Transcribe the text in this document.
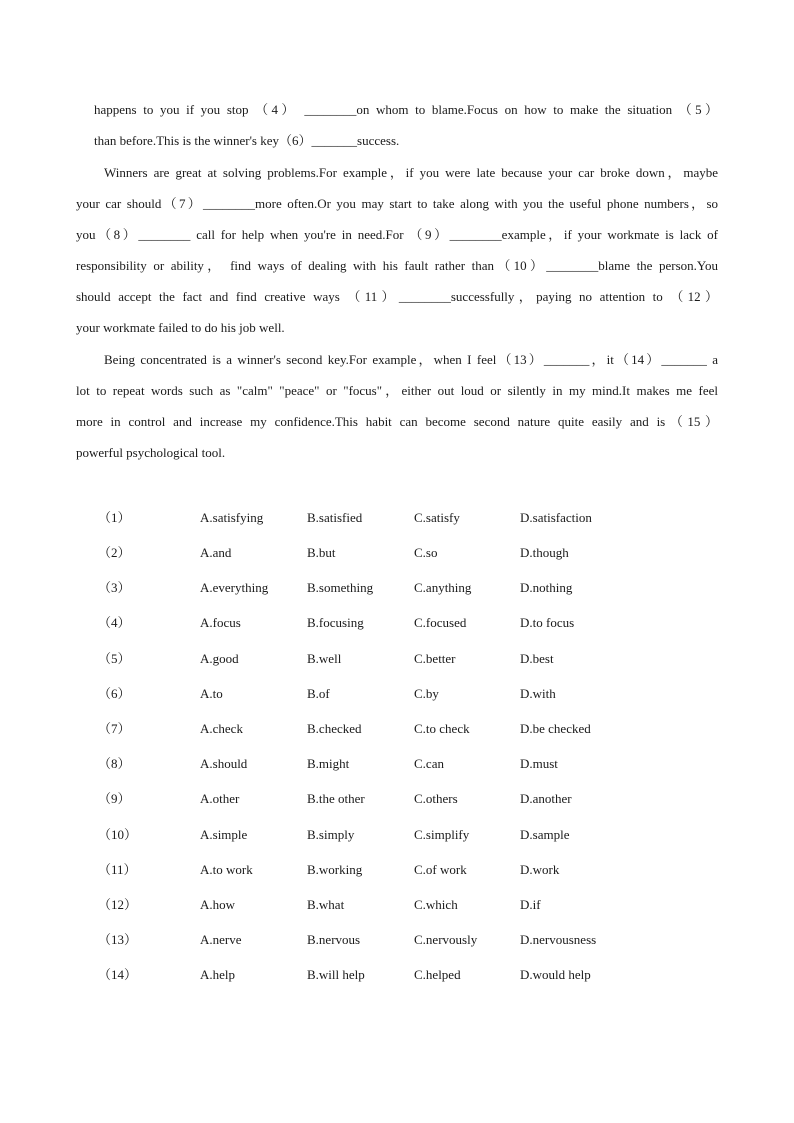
happens to you if you stop （4） ________on whom to blame.Focus on how to make the situation （5）
than before.This is the winner's key（6）_______success.
Winners are great at solving problems.For example，if you were late because your car broke down，maybe
your car should（7）________more often.Or you may start to take along with you the useful phone numbers，so
you（8）________ call for help when you're in need.For （9）________example，if your workmate is lack of
responsibility or ability， find ways of dealing with his fault rather than（10）________blame the person.You
should accept the fact and find creative ways （11）________successfully，paying no attention to （12）
your workmate failed to do his job well.
Being concentrated is a winner's second key.For example，when I feel（13）_______，it（14）_______ a
lot to repeat words such as "calm" "peace" or "focus"，either out loud or silently in my mind.It makes me feel
more in control and increase my confidence.This habit can become second nature quite easily and is（15）
powerful psychological tool.
（1）	A.satisfying	B.satisfied	C.satisfy	D.satisfaction
（2）	A.and	B.but	C.so	D.though
（3）	A.everything	B.something	C.anything	D.nothing
（4）	A.focus	B.focusing	C.focused	D.to focus
（5）	A.good	B.well	C.better	D.best
（6）	A.to	B.of	C.by	D.with
（7）	A.check	B.checked	C.to check	D.be checked
（8）	A.should	B.might	C.can	D.must
（9）	A.other	B.the other	C.others	D.another
（10）	A.simple	B.simply	C.simplify	D.sample
（11）	A.to work	B.working	C.of work	D.work
（12）	A.how	B.what	C.which	D.if
（13）	A.nerve	B.nervous	C.nervously	D.nervousness
（14）	A.help	B.will help	C.helped	D.would help
